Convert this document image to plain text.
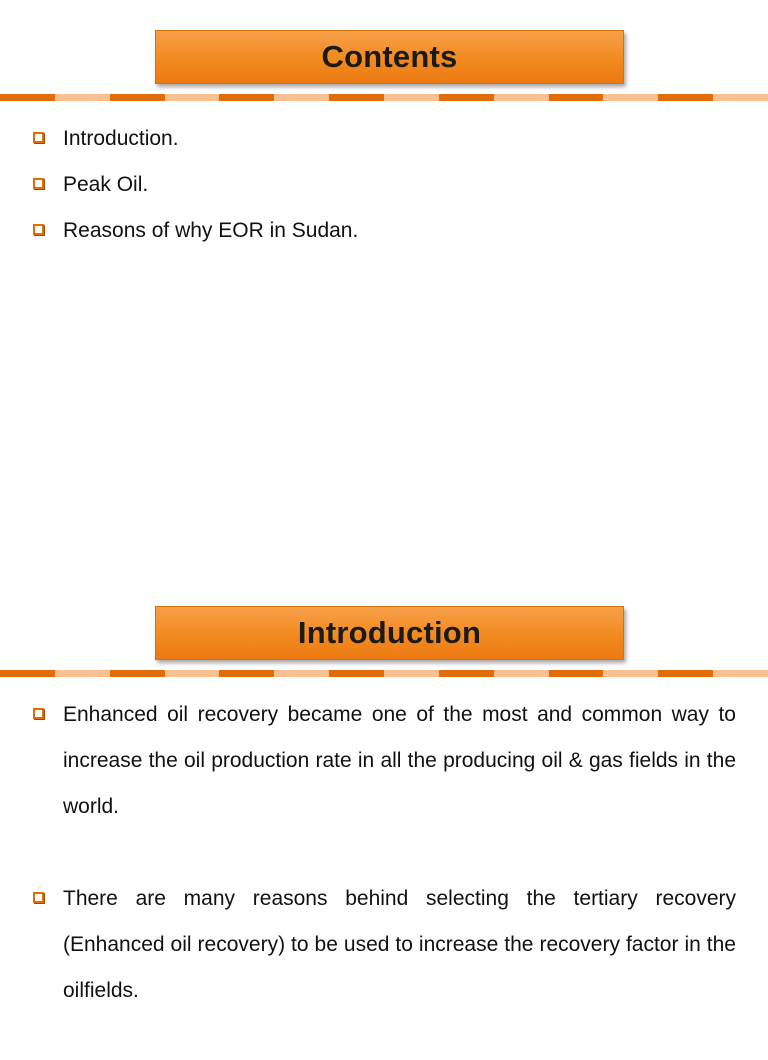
Contents
Introduction.
Peak Oil.
Reasons of why EOR in Sudan.
Introduction
Enhanced oil recovery became one of the most and common way to increase the oil production rate in all the producing oil & gas fields in the world.
There are many reasons behind selecting the tertiary recovery (Enhanced oil recovery) to be used to increase the recovery factor in the oilfields.
